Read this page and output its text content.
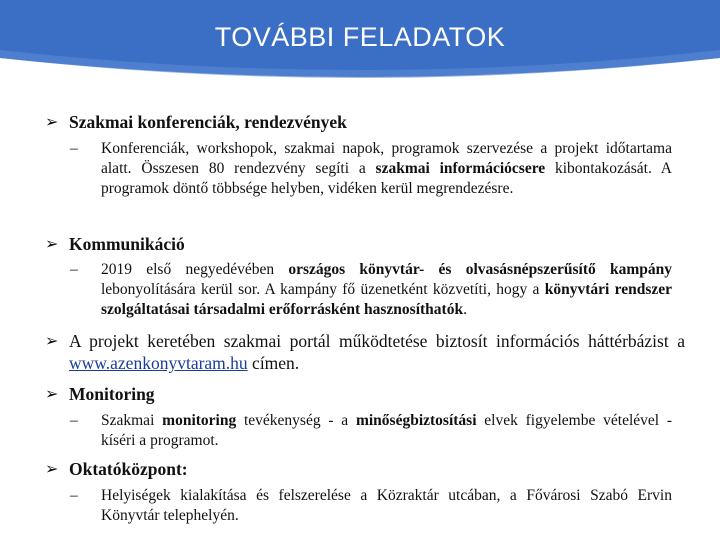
TOVÁBBI FELADATOK
➢ Szakmai konferenciák, rendezvények
– Konferenciák, workshopok, szakmai napok, programok szervezése a projekt időtartama alatt. Összesen 80 rendezvény segíti a szakmai információcsere kibontakozását. A programok döntő többsége helyben, vidéken kerül megrendezésre.
➢ Kommunikáció
– 2019 első negyedévében országos könyvtár- és olvasásnépszerűsítő kampány lebonyolítására kerül sor. A kampány fő üzenetként közvetíti, hogy a könyvtári rendszer szolgáltatásai társadalmi erőforrásként hasznosíthatók.
➢ A projekt keretében szakmai portál működtetése biztosít információs háttérbázist a www.azenkonyvtaram.hu címen.
➢ Monitoring
– Szakmai monitoring tevékenység - a minőségbiztosítási elvek figyelembe vételével - kíséri a programot.
➢ Oktatóközpont:
– Helyiségek kialakítása és felszerelése a Közraktár utcában, a Fővárosi Szabó Ervin Könyvtár telephelyén.
